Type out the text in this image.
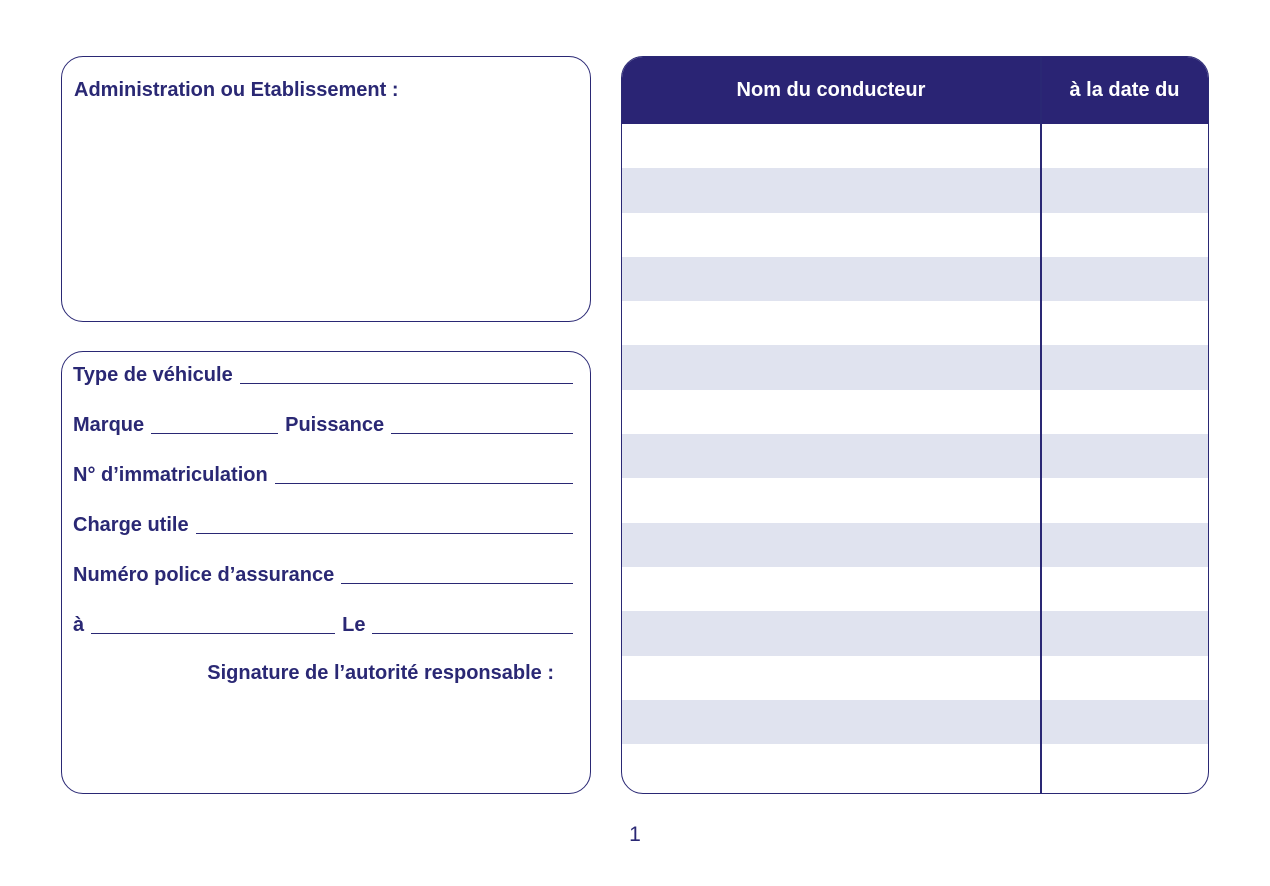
Administration ou Etablissement :
Type de véhicule
Marque	Puissance
N° d’immatriculation
Charge utile
Numéro police d’assurance
à	Le
Signature de l’autorité responsable :
Nom du conducteur	à la date du
1
